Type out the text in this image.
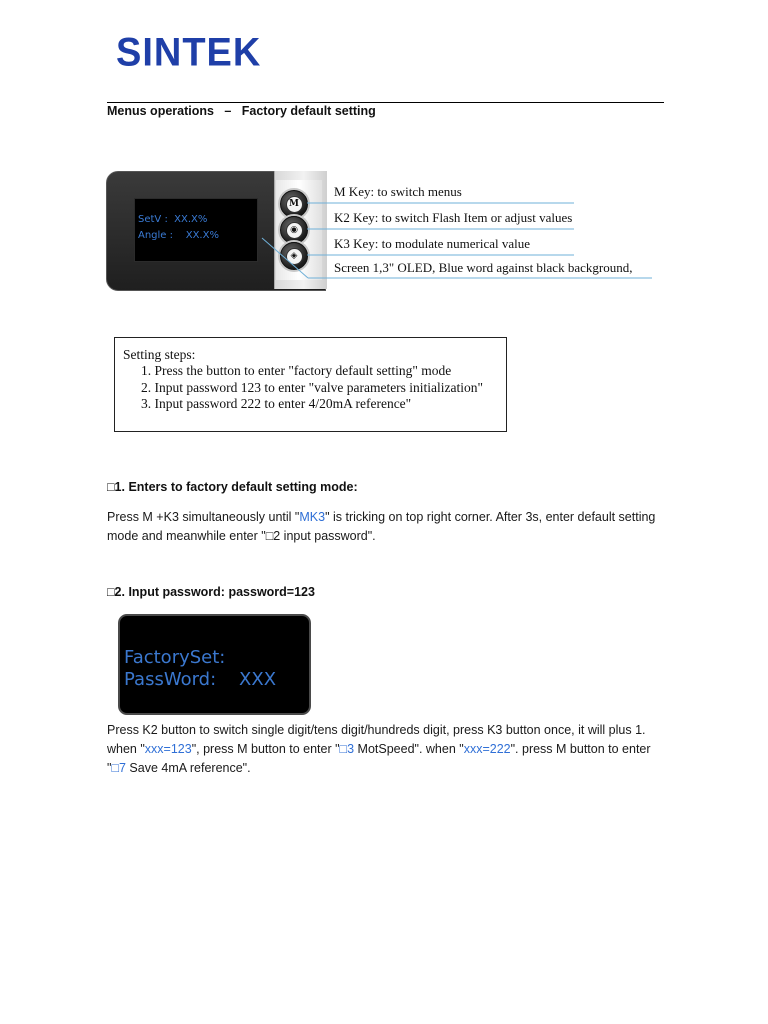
SINTEK
Menus operations   –   Factory default setting
SetV :  XX.X%
Angle :    XX.X%
M
◉
◈
M Key: to switch menus
K2 Key: to switch Flash Item or adjust values
K3 Key: to modulate numerical value
Screen 1,3" OLED, Blue word against black background,
Setting steps:
1. Press the button to enter "factory default setting" mode
2. Input password 123 to enter "valve parameters initialization"
3. Input password 222 to enter 4/20mA reference"
□1. Enters to factory default setting mode:
Press M +K3 simultaneously until "MK3" is tricking on top right corner. After 3s, enter default setting mode and meanwhile enter "□2 input password".
□2. Input password: password=123
FactorySet:
PassWord:    XXX
Press K2 button to switch single digit/tens digit/hundreds digit, press K3 button once, it will plus 1. when "xxx=123", press M button to enter "□3 MotSpeed". when "xxx=222". press M button to enter "□7 Save 4mA reference".
